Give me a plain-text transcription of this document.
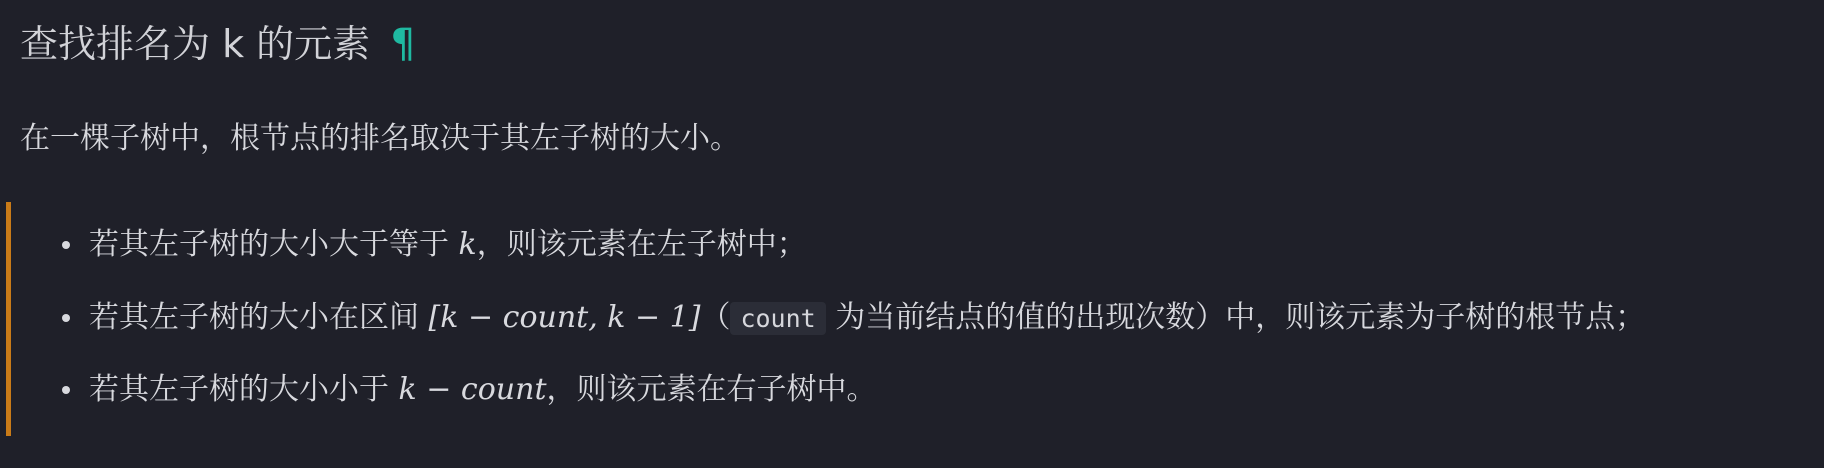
查找排名为 k 的元素 ¶

在一棵子树中，根节点的排名取决于其左子树的大小。

若其左子树的大小大于等于 k，则该元素在左子树中；
若其左子树的大小在区间 [k − count, k − 1]（ count 为当前结点的值的出现次数）中，则该元素为子树的根节点；
若其左子树的大小小于 k − count，则该元素在右子树中。
